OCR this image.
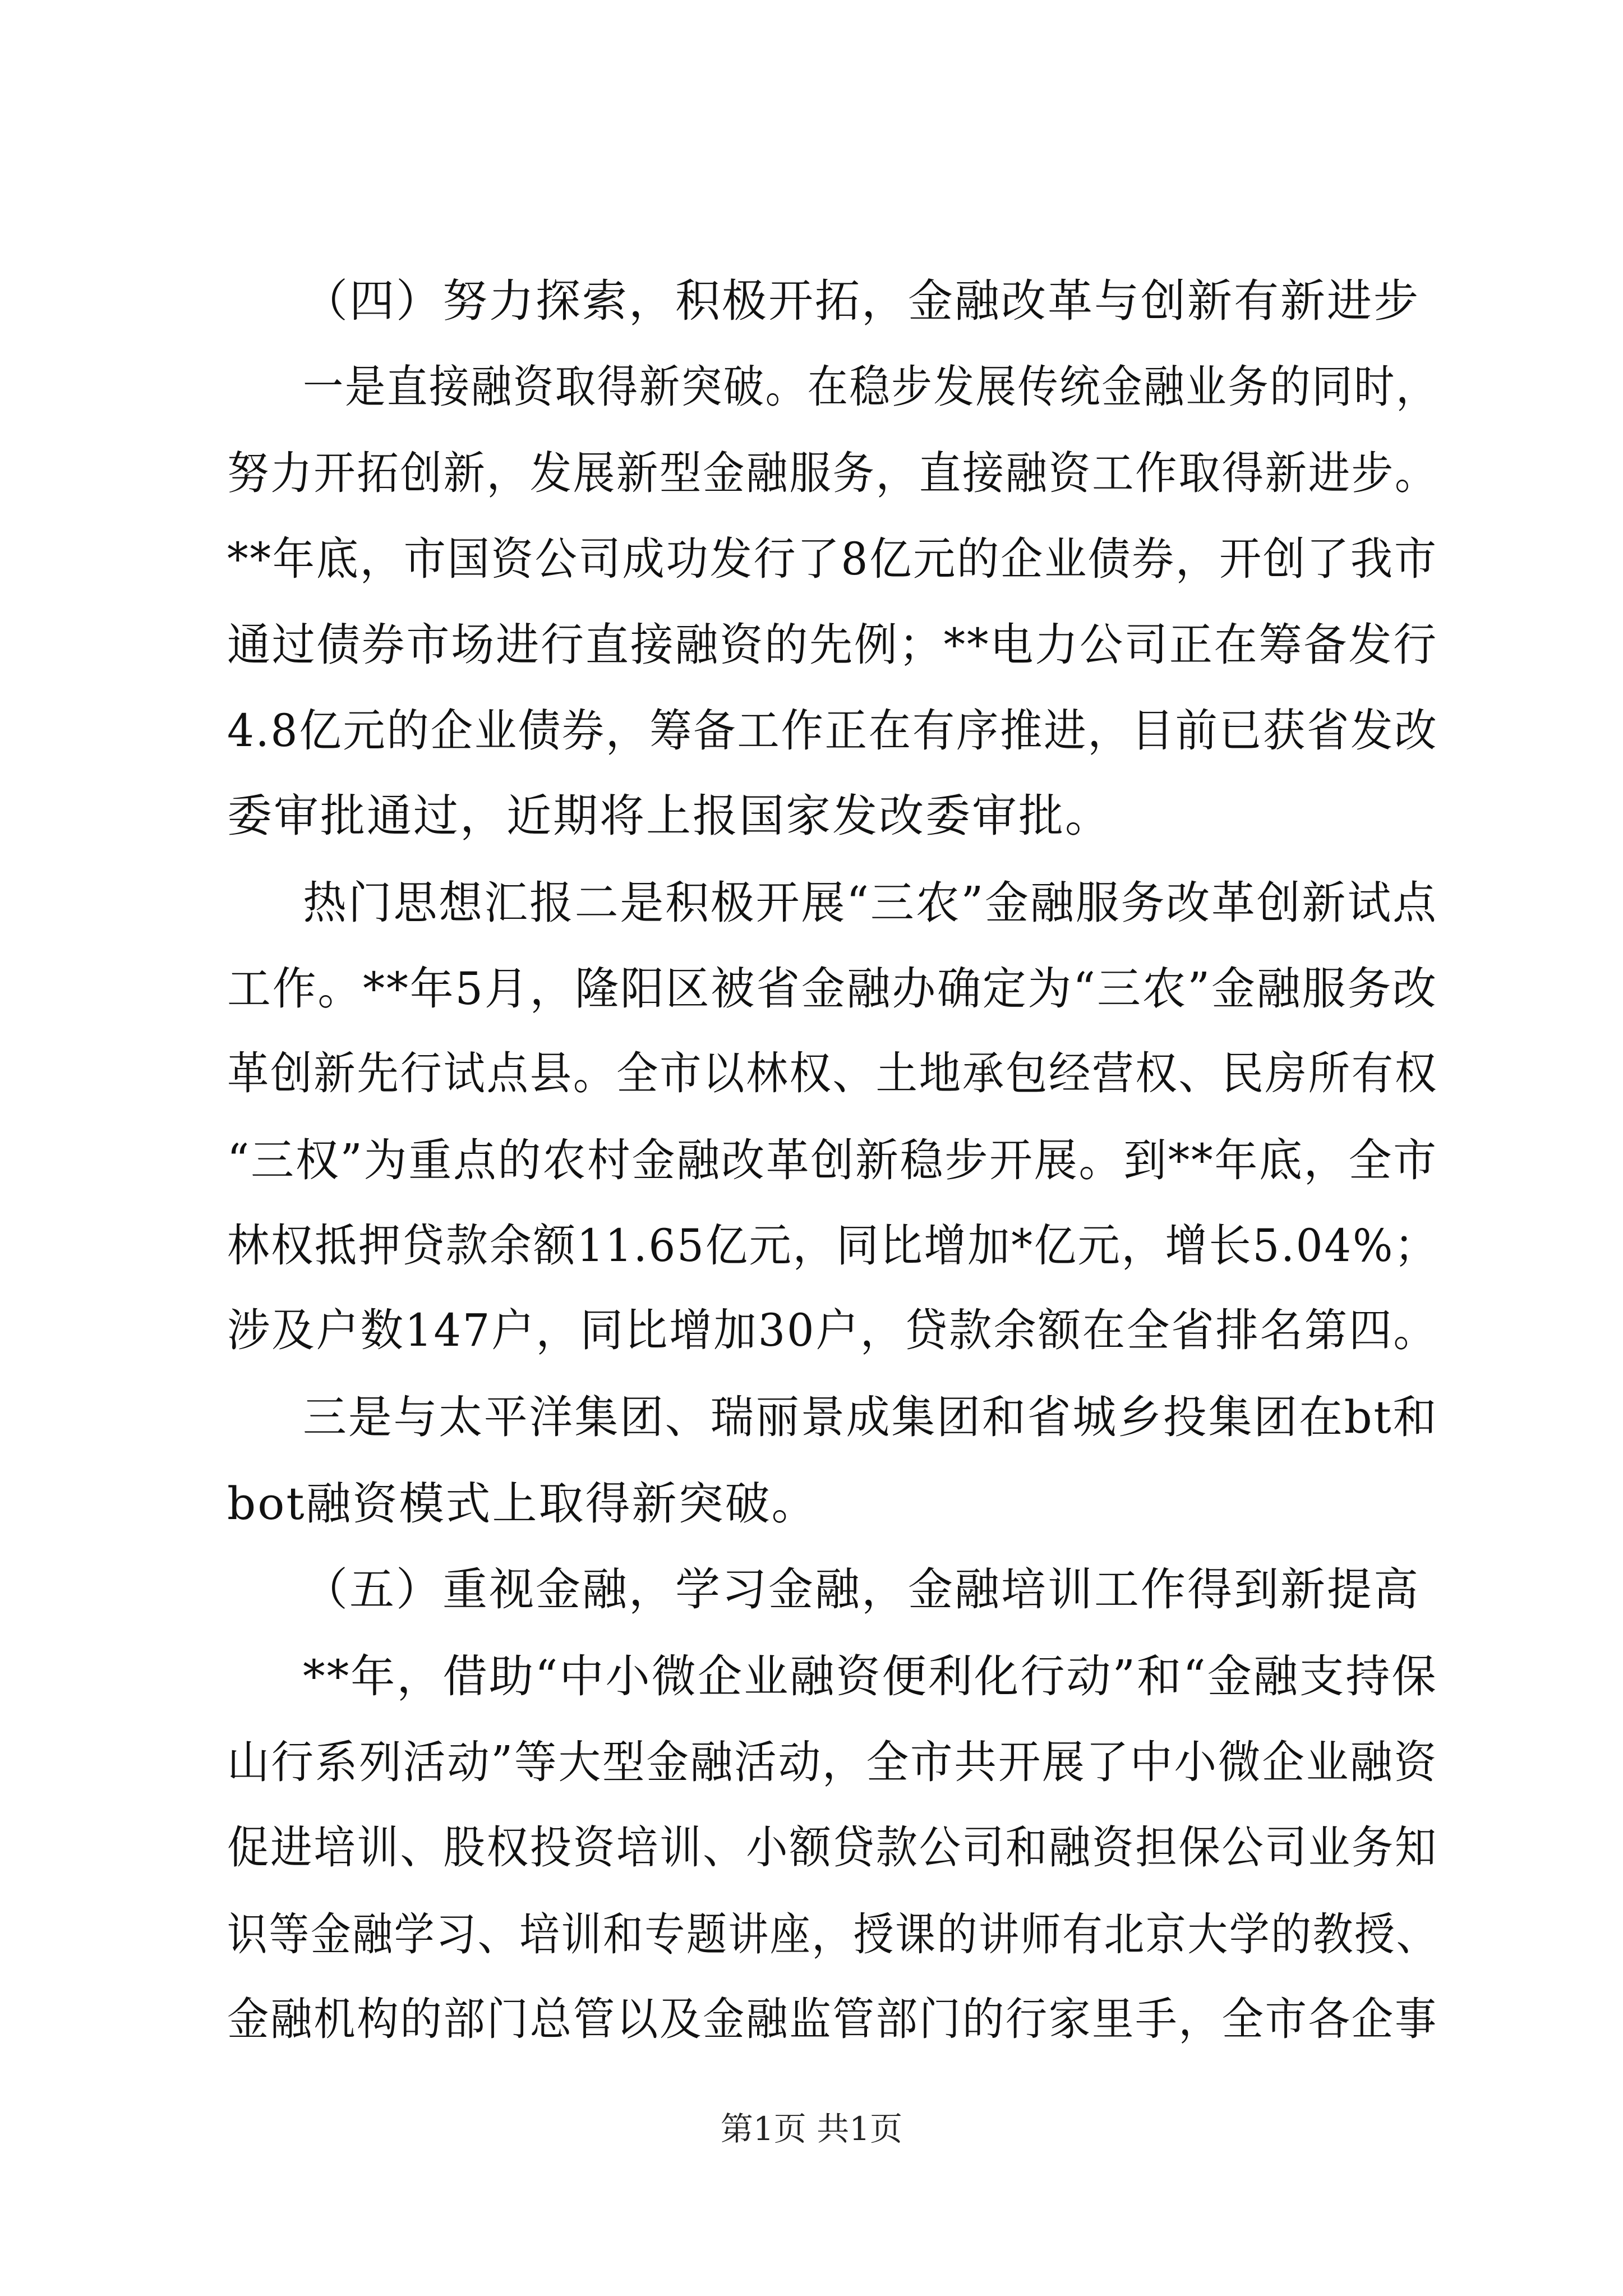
（四）努力探索，积极开拓，金融改革与创新有新进步
一是直接融资取得新突破。在稳步发展传统金融业务的同时，
努力开拓创新，发展新型金融服务，直接融资工作取得新进步。
**年底，市国资公司成功发行了8亿元的企业债券，开创了我市
通过债券市场进行直接融资的先例；**电力公司正在筹备发行
4.8亿元的企业债券，筹备工作正在有序推进，目前已获省发改
委审批通过，近期将上报国家发改委审批。
热门思想汇报二是积极开展“三农”金融服务改革创新试点
工作。**年5月，隆阳区被省金融办确定为“三农”金融服务改
革创新先行试点县。全市以林权、土地承包经营权、民房所有权
“三权”为重点的农村金融改革创新稳步开展。到**年底，全市
林权抵押贷款余额11.65亿元，同比增加*亿元，增长5.04%；
涉及户数147户，同比增加30户，贷款余额在全省排名第四。
三是与太平洋集团、瑞丽景成集团和省城乡投集团在bt和
bot融资模式上取得新突破。
（五）重视金融，学习金融，金融培训工作得到新提高
**年，借助“中小微企业融资便利化行动”和“金融支持保
山行系列活动”等大型金融活动，全市共开展了中小微企业融资
促进培训、股权投资培训、小额贷款公司和融资担保公司业务知
识等金融学习、培训和专题讲座，授课的讲师有北京大学的教授、
金融机构的部门总管以及金融监管部门的行家里手，全市各企事
第1页 共1页
